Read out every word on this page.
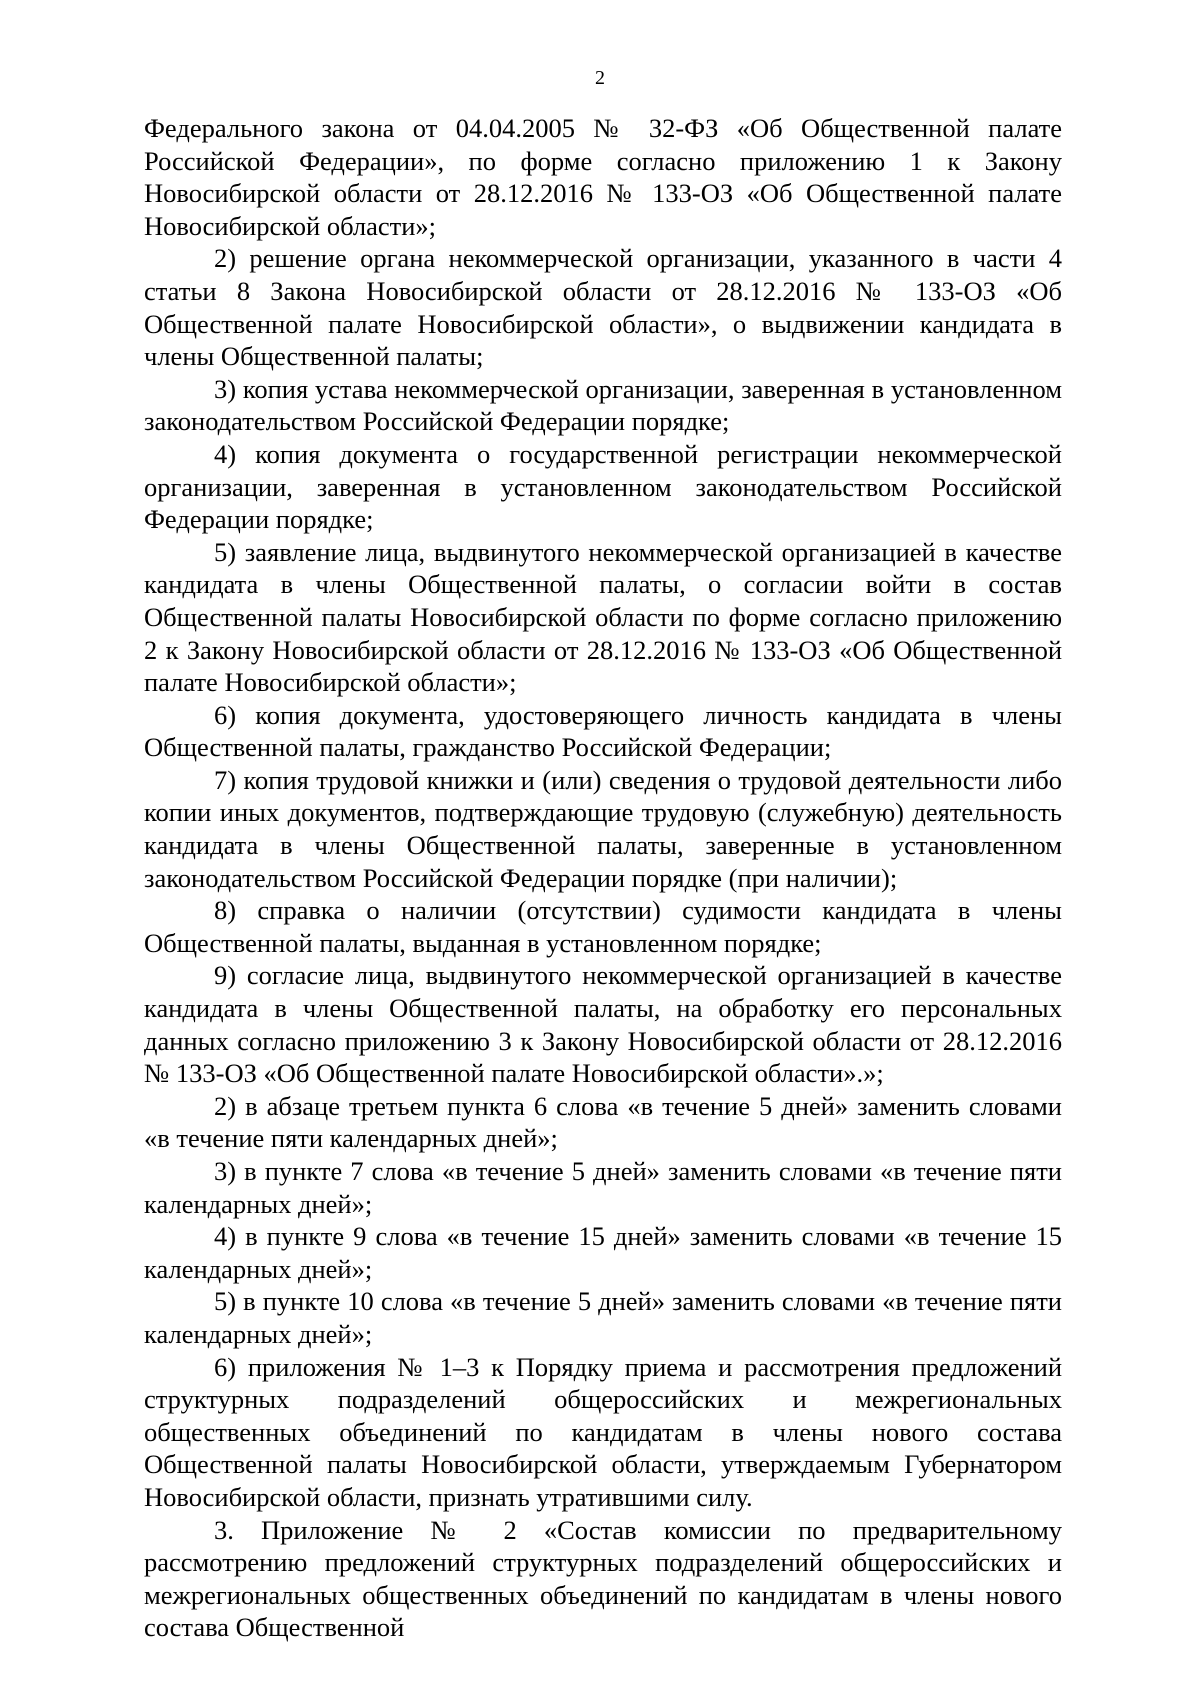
2

Федерального закона от 04.04.2005 № 32-ФЗ «Об Общественной палате Российской Федерации», по форме согласно приложению 1 к Закону Новосибирской области от 28.12.2016 № 133-ОЗ «Об Общественной палате Новосибирской области»;

2) решение органа некоммерческой организации, указанного в части 4 статьи 8 Закона Новосибирской области от 28.12.2016 № 133-ОЗ «Об Общественной палате Новосибирской области», о выдвижении кандидата в члены Общественной палаты;

3) копия устава некоммерческой организации, заверенная в установленном законодательством Российской Федерации порядке;

4) копия документа о государственной регистрации некоммерческой организации, заверенная в установленном законодательством Российской Федерации порядке;

5) заявление лица, выдвинутого некоммерческой организацией в качестве кандидата в члены Общественной палаты, о согласии войти в состав Общественной палаты Новосибирской области по форме согласно приложению 2 к Закону Новосибирской области от 28.12.2016 № 133-ОЗ «Об Общественной палате Новосибирской области»;

6) копия документа, удостоверяющего личность кандидата в члены Общественной палаты, гражданство Российской Федерации;

7) копия трудовой книжки и (или) сведения о трудовой деятельности либо копии иных документов, подтверждающие трудовую (служебную) деятельность кандидата в члены Общественной палаты, заверенные в установленном законодательством Российской Федерации порядке (при наличии);

8) справка о наличии (отсутствии) судимости кандидата в члены Общественной палаты, выданная в установленном порядке;

9) согласие лица, выдвинутого некоммерческой организацией в качестве кандидата в члены Общественной палаты, на обработку его персональных данных согласно приложению 3 к Закону Новосибирской области от 28.12.2016 № 133-ОЗ «Об Общественной палате Новосибирской области».»;

2) в абзаце третьем пункта 6 слова «в течение 5 дней» заменить словами «в течение пяти календарных дней»;

3) в пункте 7 слова «в течение 5 дней» заменить словами «в течение пяти календарных дней»;

4) в пункте 9 слова «в течение 15 дней» заменить словами «в течение 15 календарных дней»;

5) в пункте 10 слова «в течение 5 дней» заменить словами «в течение пяти календарных дней»;

6) приложения № 1–3 к Порядку приема и рассмотрения предложений структурных подразделений общероссийских и межрегиональных общественных объединений по кандидатам в члены нового состава Общественной палаты Новосибирской области, утверждаемым Губернатором Новосибирской области, признать утратившими силу.

3. Приложение № 2 «Состав комиссии по предварительному рассмотрению предложений структурных подразделений общероссийских и межрегиональных общественных объединений по кандидатам в члены нового состава Общественной
